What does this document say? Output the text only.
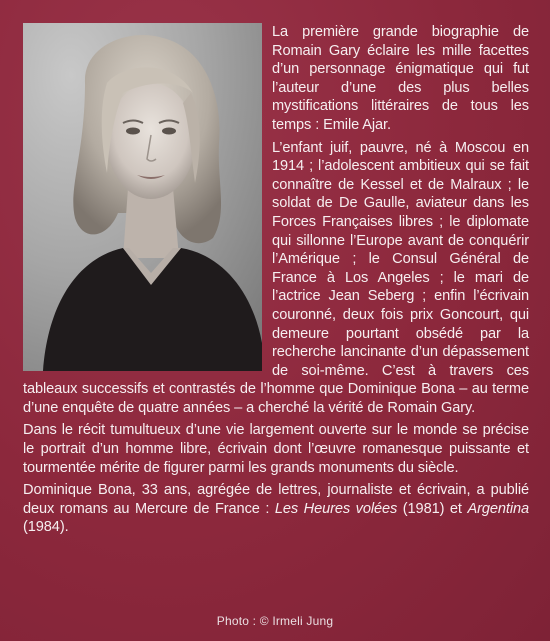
La première grande biographie de Romain Gary éclaire les mille facettes d’un personnage énigmatique qui fut l’auteur d’une des plus belles mystifications littéraires de tous les temps : Emile Ajar.

L’enfant juif, pauvre, né à Moscou en 1914 ; l’adolescent ambitieux qui se fait connaître de Kessel et de Malraux ; le soldat de De Gaulle, aviateur dans les Forces Françaises libres ; le diplomate qui sillonne l’Europe avant de conquérir l’Amérique ; le Consul Général de France à Los Angeles ; le mari de l’actrice Jean Seberg ; enfin l’écrivain couronné, deux fois prix Goncourt, qui demeure pourtant obsédé par la recherche lancinante d’un dépassement de soi-même. C’est à travers ces tableaux successifs et contrastés de l’homme que Dominique Bona – au terme d’une enquête de quatre années – a cherché la vérité de Romain Gary.

Dans le récit tumultueux d’une vie largement ouverte sur le monde se précise le portrait d’un homme libre, écrivain dont l’œuvre romanesque puissante et tourmentée mérite de figurer parmi les grands monuments du siècle.

Dominique Bona, 33 ans, agrégée de lettres, journaliste et écrivain, a publié deux romans au Mercure de France : Les Heures volées (1981) et Argentina (1984).

Photo : © Irmeli Jung
